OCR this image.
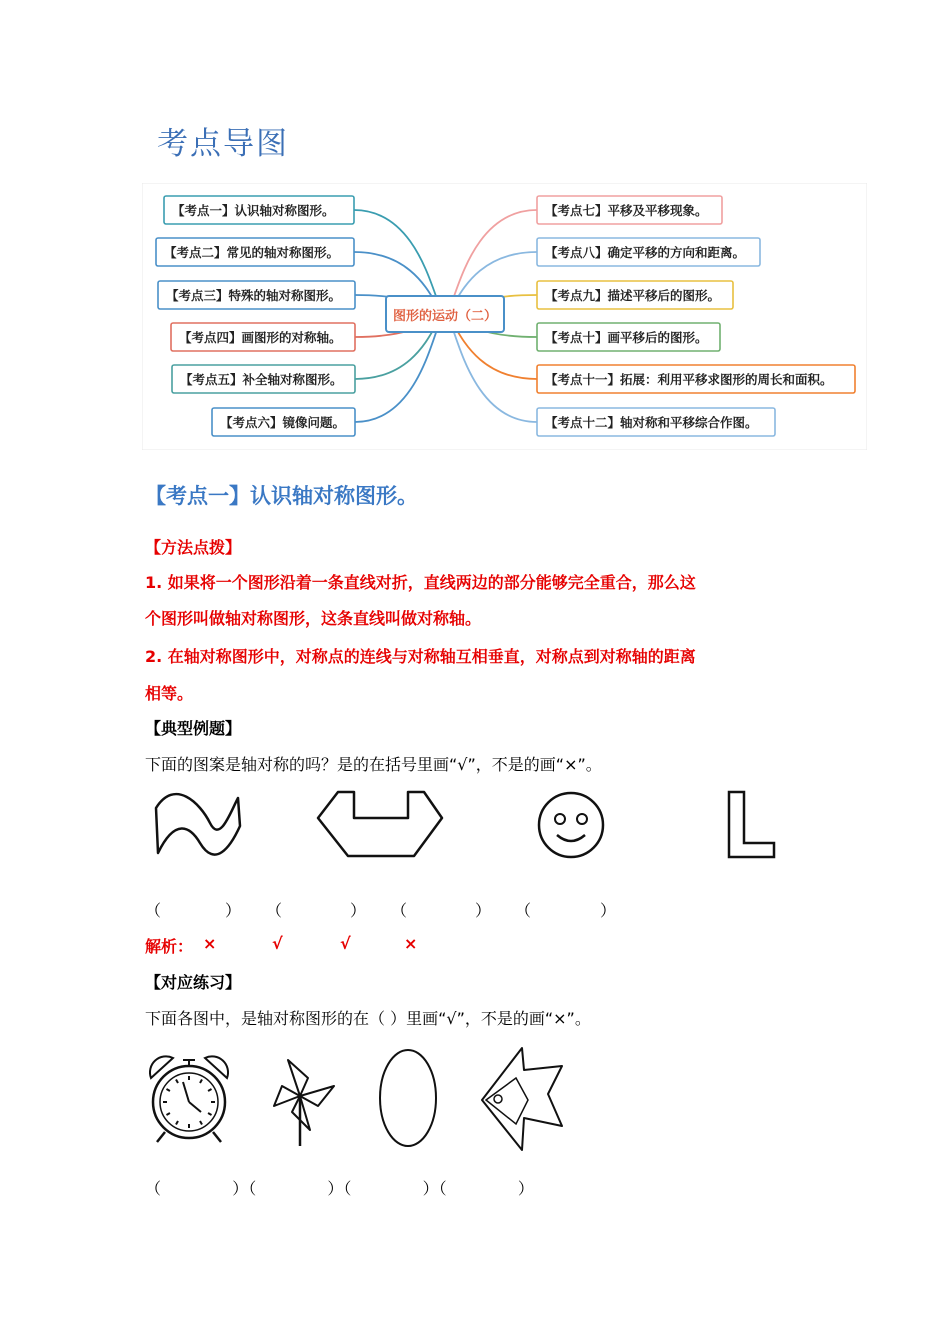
考点导图
【考点一】认识轴对称图形。
【考点二】常见的轴对称图形。
【考点三】特殊的轴对称图形。
【考点四】画图形的对称轴。
【考点五】补全轴对称图形。
【考点六】镜像问题。
【考点七】平移及平移现象。
【考点八】确定平移的方向和距离。
【考点九】描述平移后的图形。
【考点十】画平移后的图形。
【考点十一】拓展：利用平移求图形的周长和面积。
【考点十二】轴对称和平移综合作图。
图形的运动（二）
【考点一】认识轴对称图形。
【方法点拨】
1. 如果将一个图形沿着一条直线对折，直线两边的部分能够完全重合，那么这
个图形叫做轴对称图形，这条直线叫做对称轴。
2. 在轴对称图形中，对称点的连线与对称轴互相垂直，对称点到对称轴的距离
相等。
【典型例题】
下面的图案是轴对称的吗？是的在括号里画“√”，不是的画“×”。
（	） （	） （	） （	）
解析： ×	√	√	×
【对应练习】
下面各图中，是轴对称图形的在（ ）里画“√”，不是的画“×”。
（              ）（              ）（              ）（              ）
